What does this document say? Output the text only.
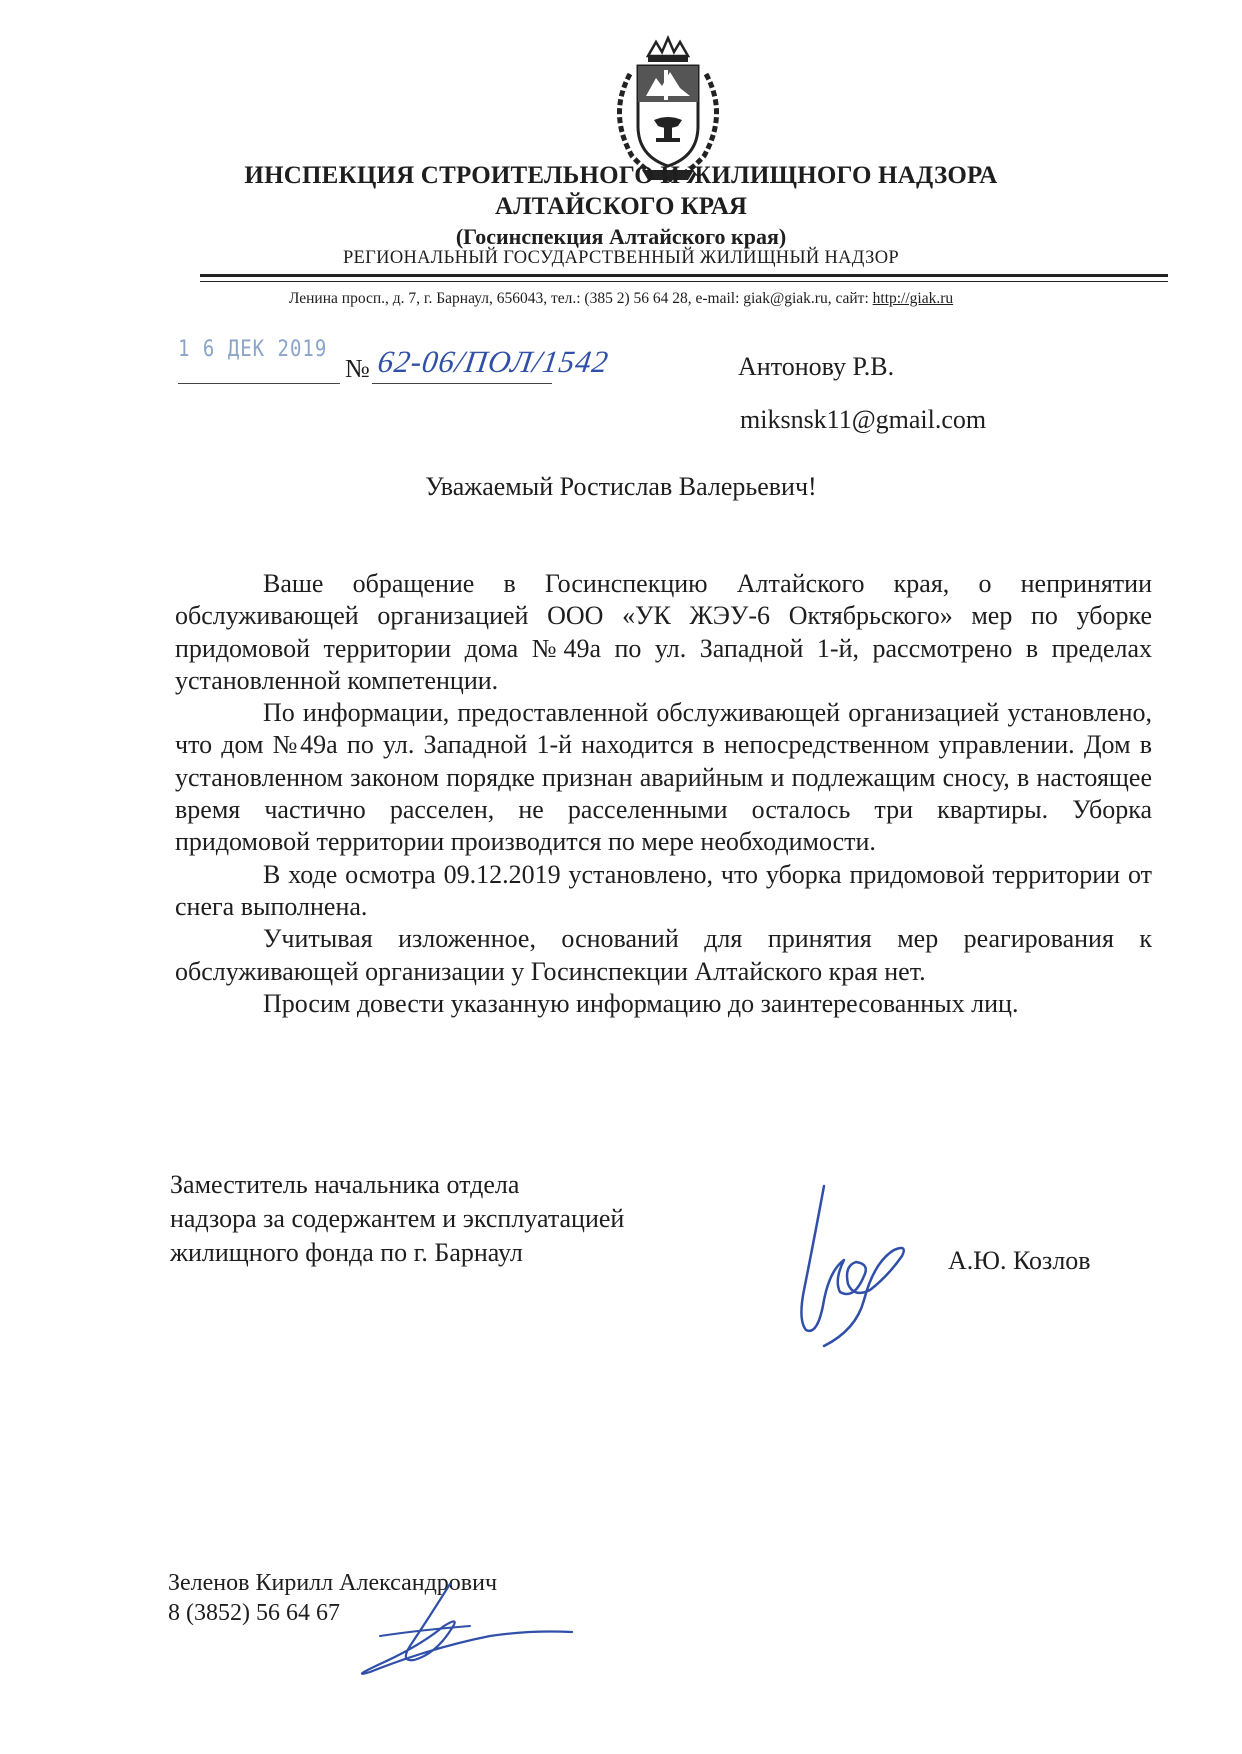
ИНСПЕКЦИЯ СТРОИТЕЛЬНОГО И ЖИЛИЩНОГО НАДЗОРА
АЛТАЙСКОГО КРАЯ
(Госинспекция Алтайского края)
РЕГИОНАЛЬНЫЙ ГОСУДАРСТВЕННЫЙ ЖИЛИЩНЫЙ НАДЗОР
Ленина просп., д. 7, г. Барнаул, 656043, тел.: (385 2) 56 64 28, e-mail: giak@giak.ru, сайт: http://giak.ru
1 6 ДЕК 2019
№ 62-06/ПОЛ/1542	Антонову Р.В.
miksnsk11@gmail.com
Уважаемый Ростислав Валерьевич!

Ваше обращение в Госинспекцию Алтайского края, о непринятии обслуживающей организацией ООО «УК ЖЭУ-6 Октябрьского» мер по уборке придомовой территории дома №49а по ул. Западной 1-й, рассмотрено в пределах установленной компетенции.

По информации, предоставленной обслуживающей организацией установлено, что дом №49а по ул. Западной 1-й находится в непосредственном управлении. Дом в установленном законом порядке признан аварийным и подлежащим сносу, в настоящее время частично расселен, не расселенными осталось три квартиры. Уборка придомовой территории производится по мере необходимости.

В ходе осмотра 09.12.2019 установлено, что уборка придомовой территории от снега выполнена.

Учитывая изложенное, оснований для принятия мер реагирования к обслуживающей организации у Госинспекции Алтайского края нет.

Просим довести указанную информацию до заинтересованных лиц.

Заместитель начальника отдела
надзора за содержантем и эксплуатацией
жилищного фонда по г. Барнаул	А.Ю. Козлов
Зеленов Кирилл Александрович
8 (3852) 56 64 67
